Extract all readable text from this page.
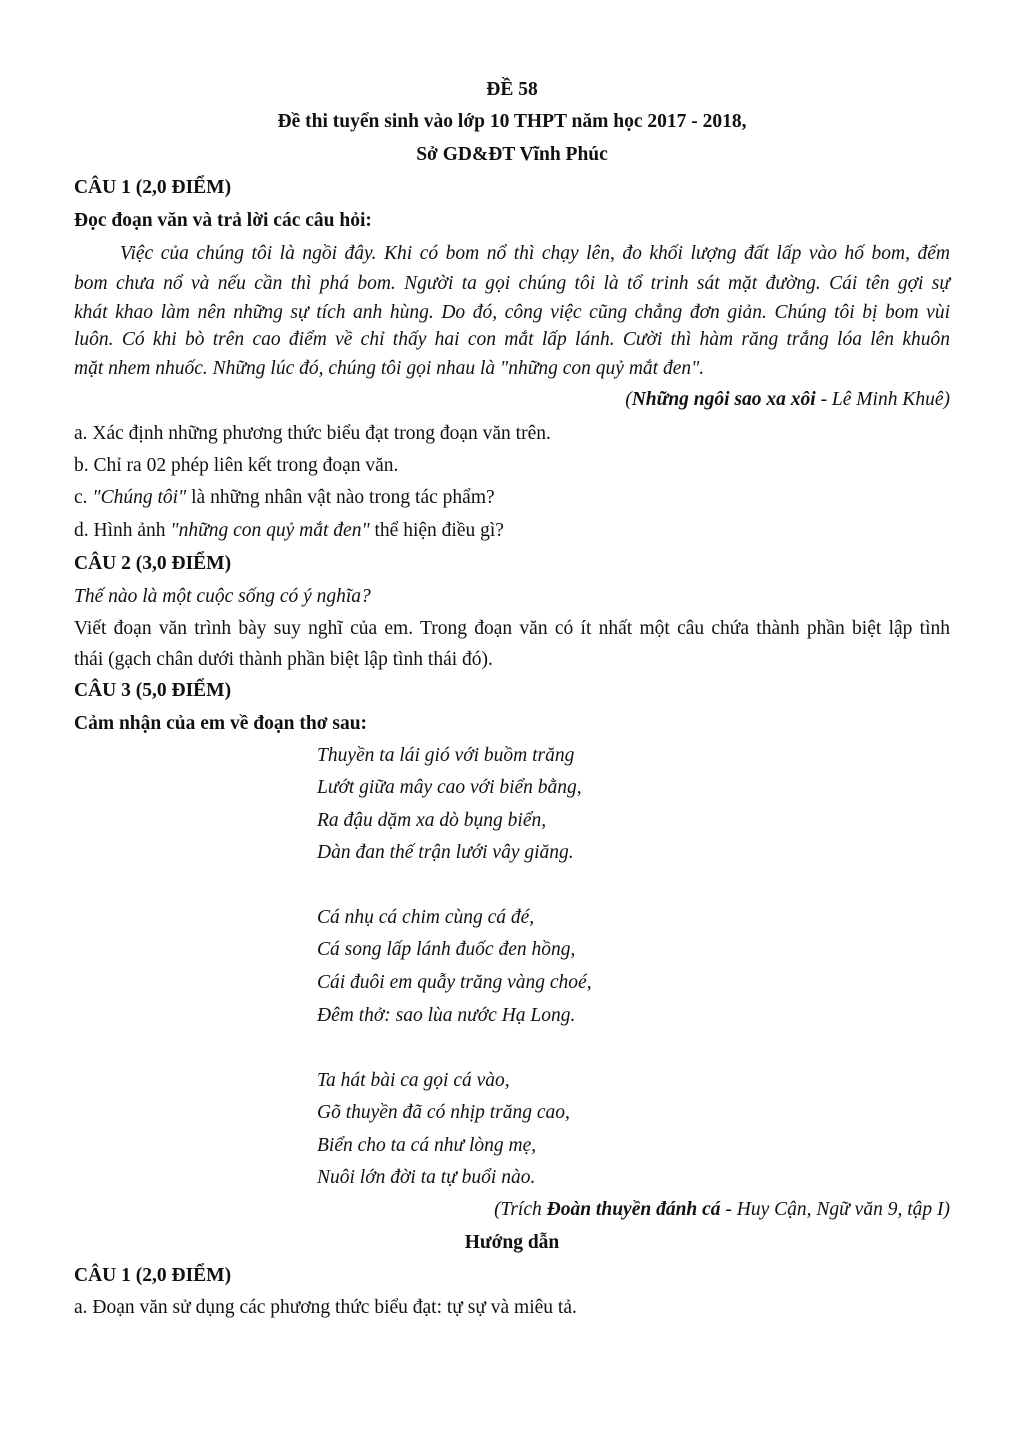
ĐỀ 58
Đề thi tuyển sinh vào lớp 10 THPT năm học 2017 - 2018,
Sở GD&ĐT Vĩnh Phúc
CÂU 1 (2,0 ĐIỂM)
Đọc đoạn văn và trả lời các câu hỏi:
Việc của chúng tôi là ngồi đây. Khi có bom nổ thì chạy lên, đo khối lượng đất lấp vào hố bom, đếm
bom chưa nổ và nếu cần thì phá bom. Người ta gọi chúng tôi là tổ trinh sát mặt đường. Cái tên gợi sự
khát khao làm nên những sự tích anh hùng. Do đó, công việc cũng chẳng đơn giản. Chúng tôi bị bom vùi
luôn. Có khi bò trên cao điểm về chỉ thấy hai con mắt lấp lánh. Cười thì hàm răng trắng lóa lên khuôn
mặt nhem nhuốc. Những lúc đó, chúng tôi gọi nhau là "những con quỷ mắt đen".
(Những ngôi sao xa xôi - Lê Minh Khuê)
a. Xác định những phương thức biểu đạt trong đoạn văn trên.
b. Chỉ ra 02 phép liên kết trong đoạn văn.
c. "Chúng tôi" là những nhân vật nào trong tác phẩm?
d. Hình ảnh "những con quỷ mắt đen" thể hiện điều gì?
CÂU 2 (3,0 ĐIỂM)
Thế nào là một cuộc sống có ý nghĩa?
Viết đoạn văn trình bày suy nghĩ của em. Trong đoạn văn có ít nhất một câu chứa thành phần biệt lập tình
thái (gạch chân dưới thành phần biệt lập tình thái đó).
CÂU 3 (5,0 ĐIỂM)
Cảm nhận của em về đoạn thơ sau:
Thuyền ta lái gió với buồm trăng
Lướt giữa mây cao với biển bằng,
Ra đậu dặm xa dò bụng biển,
Dàn đan thế trận lưới vây giăng.
Cá nhụ cá chim cùng cá đé,
Cá song lấp lánh đuốc đen hồng,
Cái đuôi em quẫy trăng vàng choé,
Đêm thở: sao lùa nước Hạ Long.
Ta hát bài ca gọi cá vào,
Gõ thuyền đã có nhịp trăng cao,
Biển cho ta cá như lòng mẹ,
Nuôi lớn đời ta tự buổi nào.
(Trích Đoàn thuyền đánh cá - Huy Cận, Ngữ văn 9, tập I)
Hướng dẫn
CÂU 1 (2,0 ĐIỂM)
a. Đoạn văn sử dụng các phương thức biểu đạt: tự sự và miêu tả.
